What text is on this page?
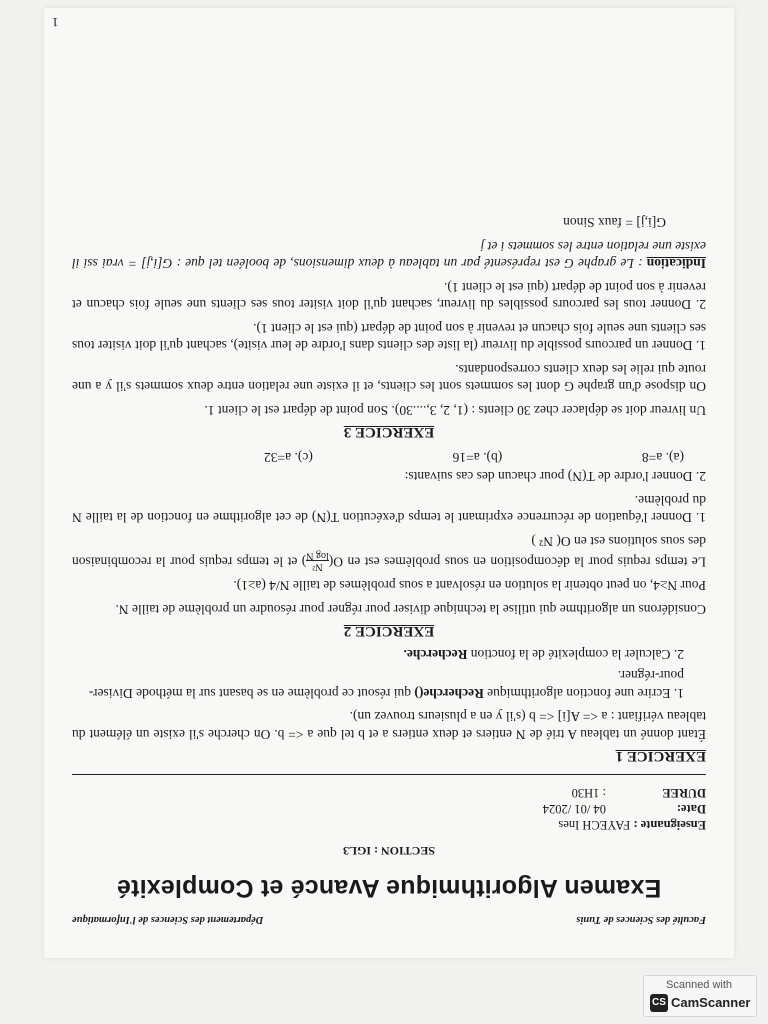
Faculté des Sciences de Tunis
Département des Sciences de l'Informatique
Examen Algorithmique Avancé et Complexité
SECTION : IGL3
Enseignante : FAYECH Ines
Date:
04 /01 /2024
DUREE
: 1H30
EXERCICE 1

Étant donné un tableau A trié de N entiers et deux entiers a et b tel que a <= b. On cherche s'il existe un élément du tableau vérifiant : a <= A[i] <= b (s'il y en a plusieurs trouvez un).

1. Ecrire une fonction algorithmique Recherche() qui résout ce problème en se basant sur la méthode Diviser-pour-régner.
2. Calculer la complexité de la fonction Recherche.
EXERCICE 2

Considérons un algorithme qui utilise la technique diviser pour régner pour résoudre un problème de taille N.

Pour N≥4, on peut obtenir la solution en résolvant a sous problèmes de taille N/4 (a≥1).

Le temps requis pour la décomposition en sous problèmes est en O(
N²
log N
) et le temps requis pour la recombinaison des sous solutions est en O( N² )

1. Donner l'équation de récurrence exprimant le temps d'exécution T(N) de cet algorithme en fonction de la taille N du problème.

2. Donner l'ordre de T(N) pour chacun des cas suivants:

(a). a=8
(b). a=16
(c). a=32
EXERCICE 3

Un livreur doit se déplacer chez 30 clients : (1, 2, 3,....30). Son point de départ est le client 1.

On dispose d'un graphe G dont les sommets sont les clients, et il existe une relation entre deux sommets s'il y a une route qui relie les deux clients correspondants.

1. Donner un parcours possible du livreur (la liste des clients dans l'ordre de leur visite), sachant qu'il doit visiter tous ses clients une seule fois chacun et revenir à son point de départ (qui est le client 1).

2. Donner tous les parcours possibles du livreur, sachant qu'il doit visiter tous ses clients une seule fois chacun et revenir à son point de départ (qui est le client 1).

Indication : Le graphe G est représenté par un tableau à deux dimensions, de booléen tel que : G[i,j] = vrai ssi il existe une relation entre les sommets i et j

G[i,j] = faux Sinon

1
Scanned with
CS CamScanner
